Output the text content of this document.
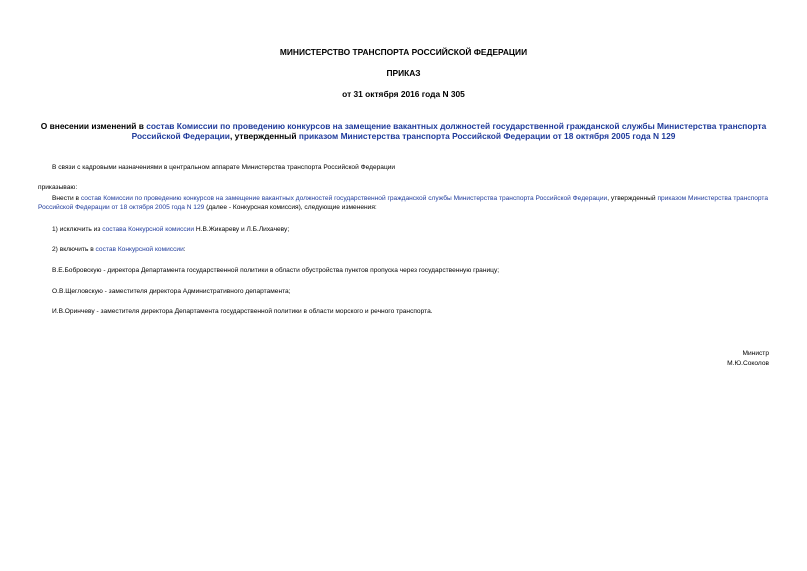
МИНИСТЕРСТВО ТРАНСПОРТА РОССИЙСКОЙ ФЕДЕРАЦИИ
ПРИКАЗ
от 31 октября 2016 года N 305
О внесении изменений в состав Комиссии по проведению конкурсов на замещение вакантных должностей государственной гражданской службы Министерства транспорта Российской Федерации, утвержденный приказом Министерства транспорта Российской Федерации от 18 октября 2005 года N 129
В связи с кадровыми назначениями в центральном аппарате Министерства транспорта Российской Федерации
приказываю:
Внести в состав Комиссии по проведению конкурсов на замещение вакантных должностей государственной гражданской службы Министерства транспорта Российской Федерации, утвержденный приказом Министерства транспорта Российской Федерации от 18 октября 2005 года N 129 (далее - Конкурсная комиссия), следующие изменения:
1) исключить из состава Конкурсной комиссии Н.В.Жикареву и Л.Б.Лихачеву;
2) включить в состав Конкурсной комиссии:
В.Е.Бобровскую - директора Департамента государственной политики в области обустройства пунктов пропуска через государственную границу;
О.В.Щегловскую - заместителя директора Административного департамента;
И.В.Оринчеву - заместителя директора Департамента государственной политики в области морского и речного транспорта.
Министр
М.Ю.Соколов
